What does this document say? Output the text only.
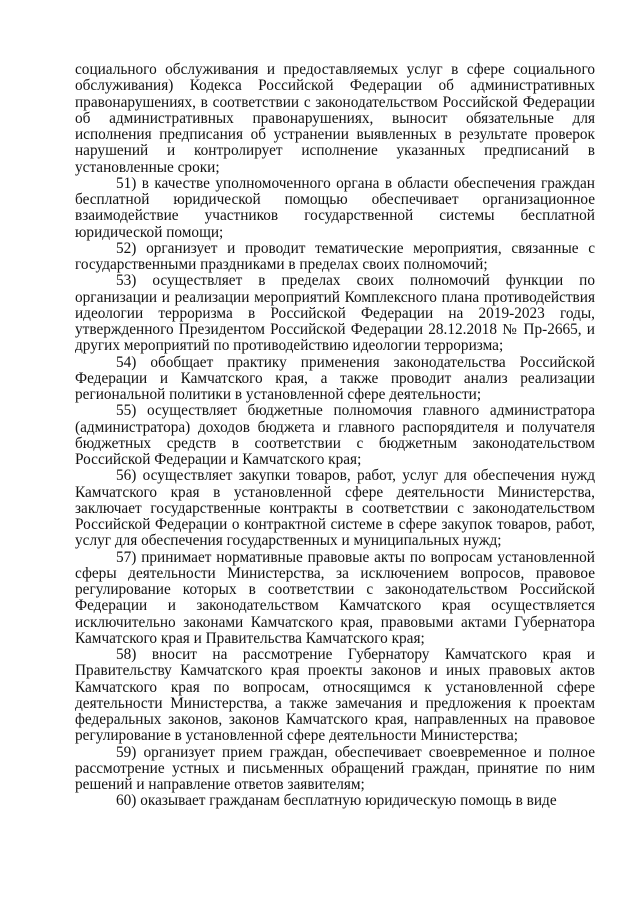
социального обслуживания и предоставляемых услуг в сфере социального обслуживания) Кодекса Российской Федерации об административных правонарушениях, в соответствии с законодательством Российской Федерации об административных правонарушениях, выносит обязательные для исполнения предписания об устранении выявленных в результате проверок нарушений и контролирует исполнение указанных предписаний в установленные сроки;

51) в качестве уполномоченного органа в области обеспечения граждан бесплатной юридической помощью обеспечивает организационное взаимодействие участников государственной системы бесплатной юридической помощи;

52) организует и проводит тематические мероприятия, связанные с государственными праздниками в пределах своих полномочий;

53) осуществляет в пределах своих полномочий функции по организации и реализации мероприятий Комплексного плана противодействия идеологии терроризма в Российской Федерации на 2019-2023 годы, утвержденного Президентом Российской Федерации 28.12.2018 № Пр-2665, и других мероприятий по противодействию идеологии терроризма;

54) обобщает практику применения законодательства Российской Федерации и Камчатского края, а также проводит анализ реализации региональной политики в установленной сфере деятельности;

55) осуществляет бюджетные полномочия главного администратора (администратора) доходов бюджета и главного распорядителя и получателя бюджетных средств в соответствии с бюджетным законодательством Российской Федерации и Камчатского края;

56) осуществляет закупки товаров, работ, услуг для обеспечения нужд Камчатского края в установленной сфере деятельности Министерства, заключает государственные контракты в соответствии с законодательством Российской Федерации о контрактной системе в сфере закупок товаров, работ, услуг для обеспечения государственных и муниципальных нужд;

57) принимает нормативные правовые акты по вопросам установленной сферы деятельности Министерства, за исключением вопросов, правовое регулирование которых в соответствии с законодательством Российской Федерации и законодательством Камчатского края осуществляется исключительно законами Камчатского края, правовыми актами Губернатора Камчатского края и Правительства Камчатского края;

58) вносит на рассмотрение Губернатору Камчатского края и Правительству Камчатского края проекты законов и иных правовых актов Камчатского края по вопросам, относящимся к установленной сфере деятельности Министерства, а также замечания и предложения к проектам федеральных законов, законов Камчатского края, направленных на правовое регулирование в установленной сфере деятельности Министерства;

59) организует прием граждан, обеспечивает своевременное и полное рассмотрение устных и письменных обращений граждан, принятие по ним решений и направление ответов заявителям;

60) оказывает гражданам бесплатную юридическую помощь в виде
